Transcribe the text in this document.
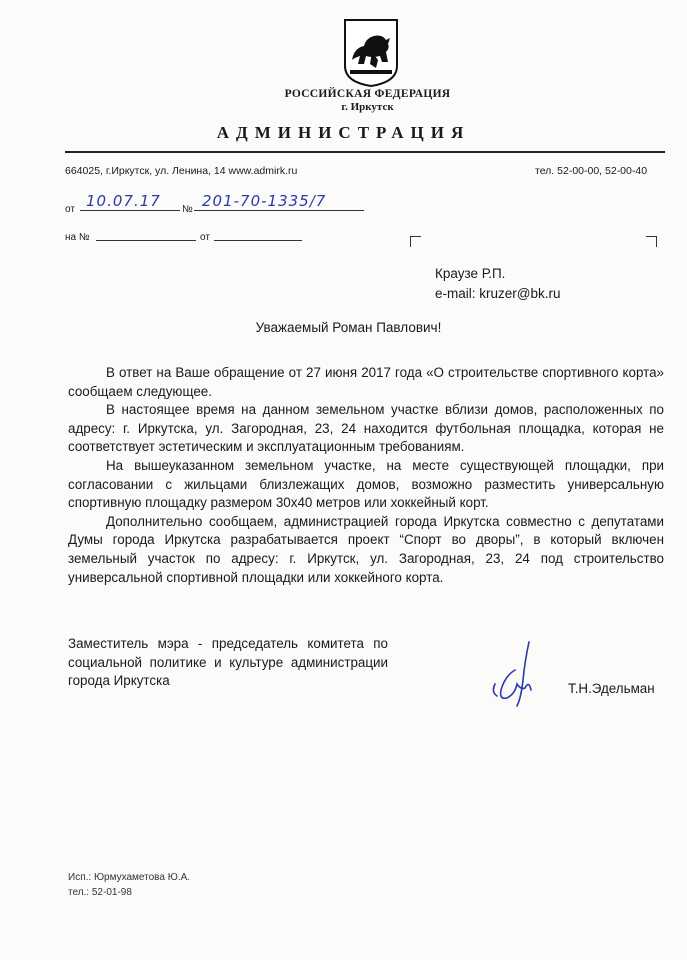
РОССИЙСКАЯ ФЕДЕРАЦИЯ
г. Иркутск
АДМИНИСТРАЦИЯ
664025, г.Иркутск, ул. Ленина, 14 www.admirk.ru	тел. 52-00-00, 52-00-40
от 10.07.17 № 201-70-1335/7
на №	от
Краузе Р.П.
e-mail: kruzer@bk.ru
Уважаемый Роман Павлович!

В ответ на Ваше обращение от 27 июня 2017 года «О строительстве спортивного корта» сообщаем следующее.

В настоящее время на данном земельном участке вблизи домов, расположенных по адресу: г. Иркутска, ул. Загородная, 23, 24 находится футбольная площадка, которая не соответствует эстетическим и эксплуатационным требованиям.

На вышеуказанном земельном участке, на месте существующей площадки, при согласовании с жильцами близлежащих домов, возможно разместить универсальную спортивную площадку размером 30х40 метров или хоккейный корт.

Дополнительно сообщаем, администрацией города Иркутска совместно с депутатами Думы города Иркутска разрабатывается проект “Спорт во дворы”, в который включен земельный участок по адресу: г. Иркутск, ул. Загородная, 23, 24 под строительство универсальной спортивной площадки или хоккейного корта.

Заместитель мэра - председатель комитета по социальной политике и культуре администрации города Иркутска
Т.Н.Эдельман
Исп.: Юрмухаметова Ю.А.
тел.: 52-01-98
